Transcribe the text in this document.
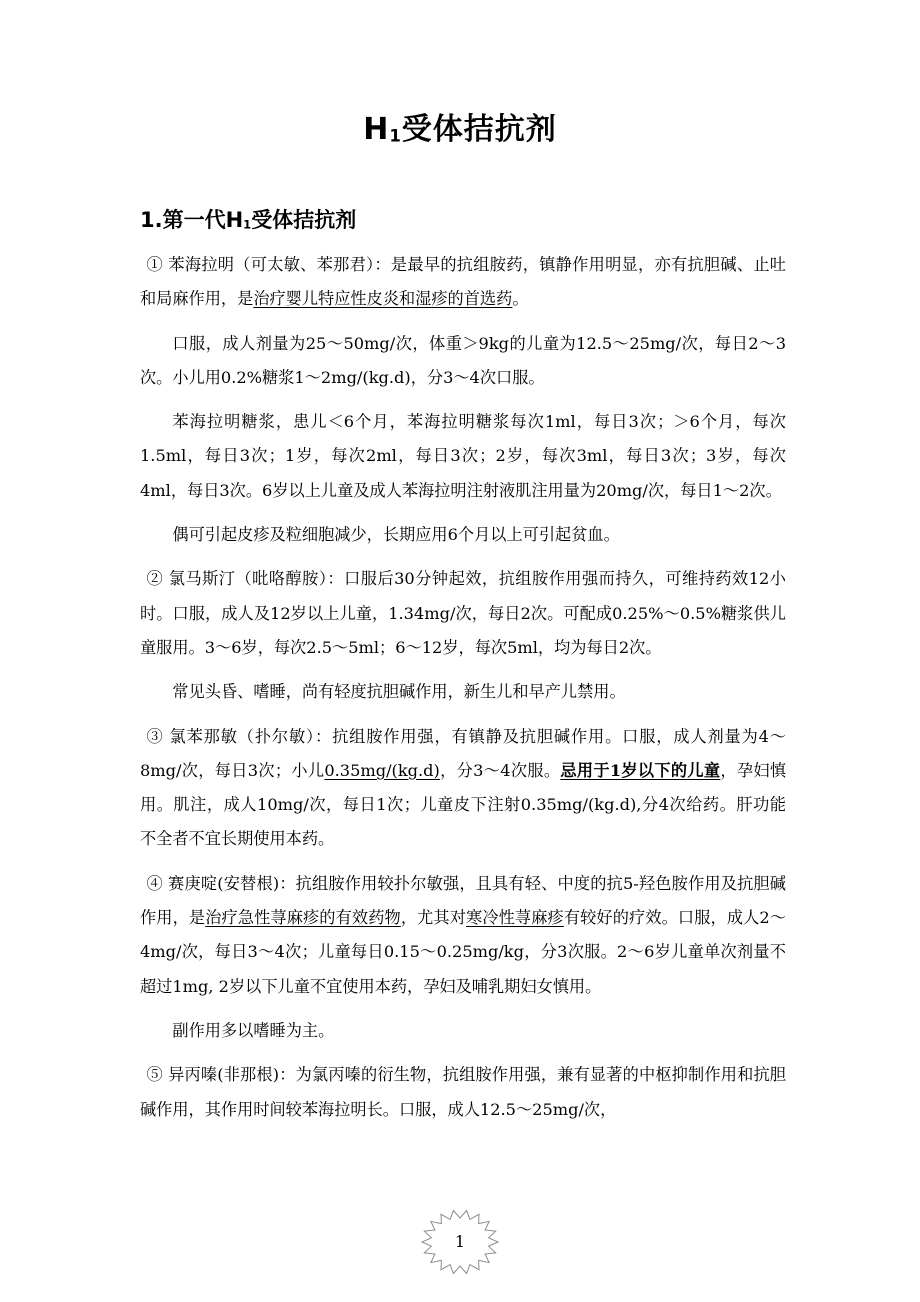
$H_1$受体拮抗剂
1.第一代$H_1$受体拮抗剂

① 苯海拉明（可太敏、苯那君）：是最早的抗组胺药，镇静作用明显，亦有抗胆碱、止吐和局麻作用，是治疗婴儿特应性皮炎和湿疹的首选药。

口服，成人剂量为25～50mg/次，体重＞9kg的儿童为12.5～25mg/次，每日2～3次。小儿用0.2%糖浆1～2mg/(kg.d)，分3～4次口服。

苯海拉明糖浆，患儿＜6个月，苯海拉明糖浆每次1ml，每日3次；＞6个月，每次1.5ml，每日3次；1岁，每次2ml，每日3次；2岁，每次3ml，每日3次；3岁，每次4ml，每日3次。6岁以上儿童及成人苯海拉明注射液肌注用量为20mg/次，每日1～2次。

偶可引起皮疹及粒细胞减少，长期应用6个月以上可引起贫血。

② 氯马斯汀（吡咯醇胺）：口服后30分钟起效，抗组胺作用强而持久，可维持药效12小时。口服，成人及12岁以上儿童，1.34mg/次，每日2次。可配成0.25%～0.5%糖浆供儿童服用。3～6岁，每次2.5～5ml；6～12岁，每次5ml，均为每日2次。

常见头昏、嗜睡，尚有轻度抗胆碱作用，新生儿和早产儿禁用。

③ 氯苯那敏（扑尔敏）：抗组胺作用强，有镇静及抗胆碱作用。口服，成人剂量为4～8mg/次，每日3次；小儿0.35mg/(kg.d)，分3～4次服。忌用于1岁以下的儿童，孕妇慎用。肌注，成人10mg/次，每日1次；儿童皮下注射0.35mg/(kg.d),分4次给药。肝功能不全者不宜长期使用本药。

④ 赛庚啶(安替根)：抗组胺作用较扑尔敏强，且具有轻、中度的抗5-羟色胺作用及抗胆碱作用，是治疗急性荨麻疹的有效药物，尤其对寒冷性荨麻疹有较好的疗效。口服，成人2～4mg/次，每日3～4次；儿童每日0.15～0.25mg/kg，分3次服。2～6岁儿童单次剂量不超过1mg, 2岁以下儿童不宜使用本药，孕妇及哺乳期妇女慎用。

副作用多以嗜睡为主。

⑤ 异丙嗪(非那根)：为氯丙嗪的衍生物，抗组胺作用强，兼有显著的中枢抑制作用和抗胆碱作用，其作用时间较苯海拉明长。口服，成人12.5～25mg/次，

1
